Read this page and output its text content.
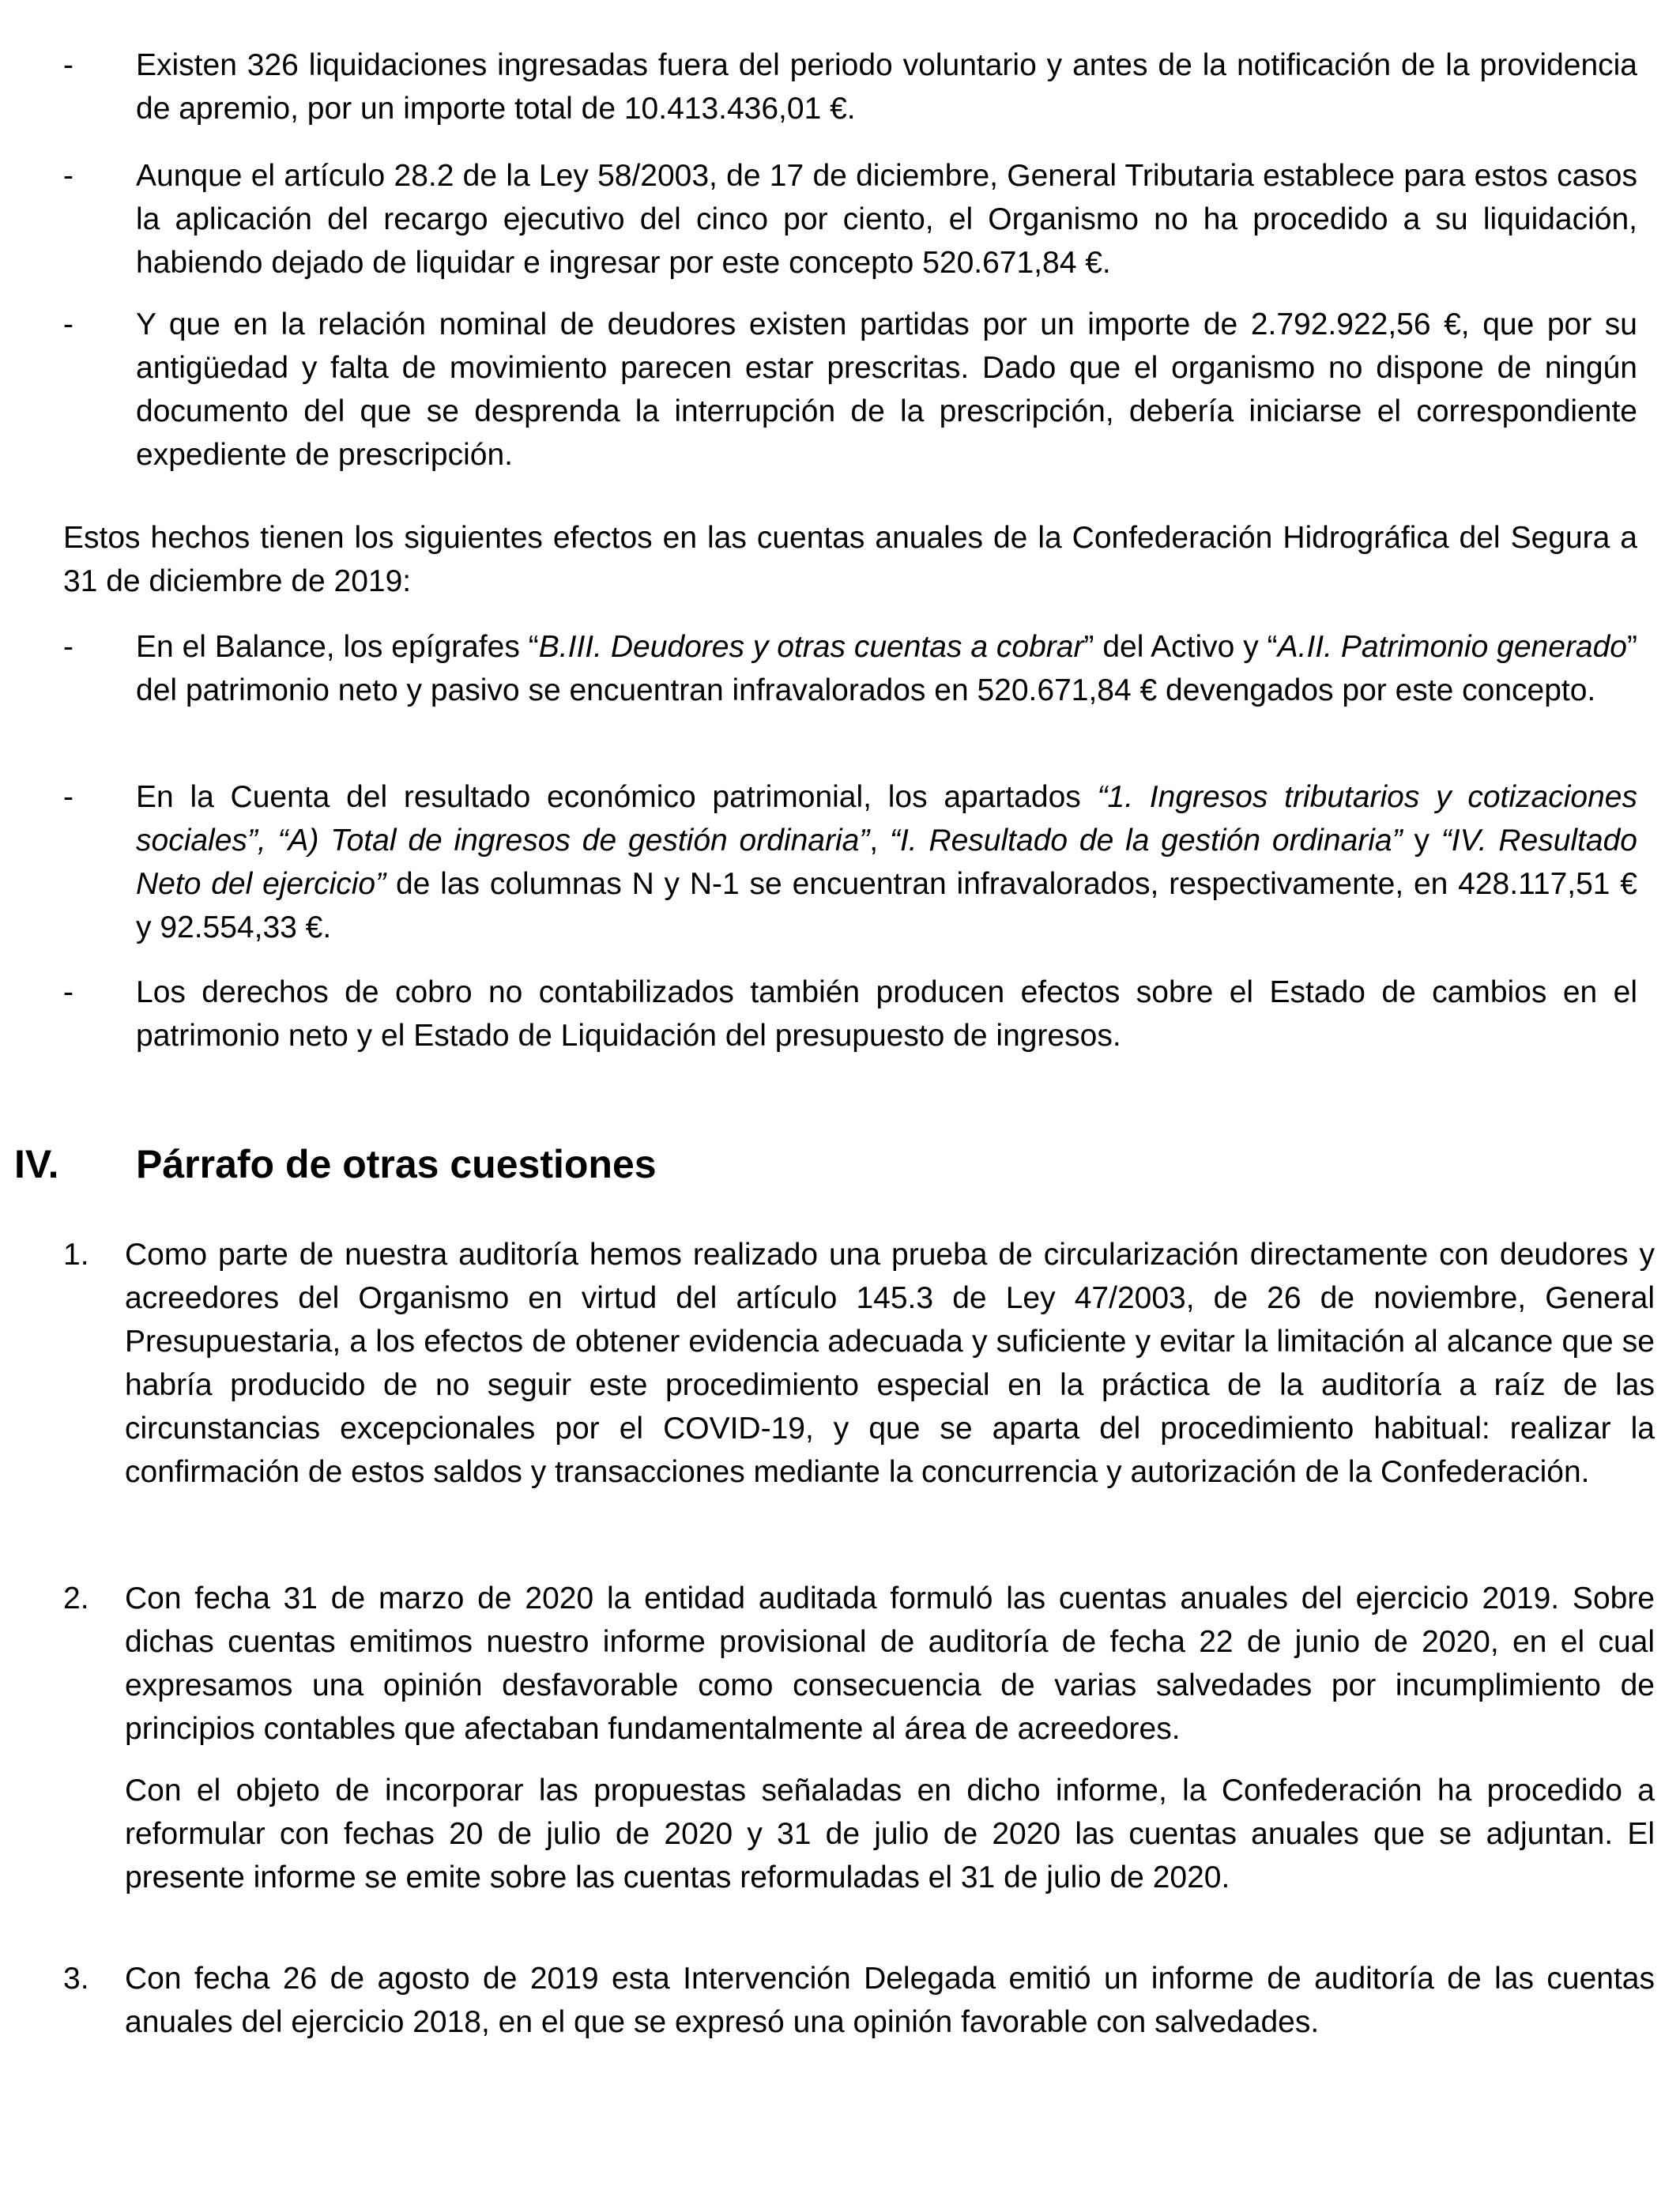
- Existen 326 liquidaciones ingresadas fuera del periodo voluntario y antes de la notificación de la providencia de apremio, por un importe total de 10.413.436,01 €.
- Aunque el artículo 28.2 de la Ley 58/2003, de 17 de diciembre, General Tributaria establece para estos casos la aplicación del recargo ejecutivo del cinco por ciento, el Organismo no ha procedido a su liquidación, habiendo dejado de liquidar e ingresar por este concepto 520.671,84 €.
- Y que en la relación nominal de deudores existen partidas por un importe de 2.792.922,56 €, que por su antigüedad y falta de movimiento parecen estar prescritas. Dado que el organismo no dispone de ningún documento del que se desprenda la interrupción de la prescripción, debería iniciarse el correspondiente expediente de prescripción.
Estos hechos tienen los siguientes efectos en las cuentas anuales de la Confederación Hidrográfica del Segura a 31 de diciembre de 2019:
- En el Balance, los epígrafes “B.III. Deudores y otras cuentas a cobrar” del Activo y “A.II. Patrimonio generado” del patrimonio neto y pasivo se encuentran infravalorados en 520.671,84 € devengados por este concepto.
- En la Cuenta del resultado económico patrimonial, los apartados “1. Ingresos tributarios y cotizaciones sociales”, “A) Total de ingresos de gestión ordinaria”, “I. Resultado de la gestión ordinaria” y “IV. Resultado Neto del ejercicio” de las columnas N y N-1 se encuentran infravalorados, respectivamente, en 428.117,51 € y 92.554,33 €.
- Los derechos de cobro no contabilizados también producen efectos sobre el Estado de cambios en el patrimonio neto y el Estado de Liquidación del presupuesto de ingresos.
IV. Párrafo de otras cuestiones
1. Como parte de nuestra auditoría hemos realizado una prueba de circularización directamente con deudores y acreedores del Organismo en virtud del artículo 145.3 de Ley 47/2003, de 26 de noviembre, General Presupuestaria, a los efectos de obtener evidencia adecuada y suficiente y evitar la limitación al alcance que se habría producido de no seguir este procedimiento especial en la práctica de la auditoría a raíz de las circunstancias excepcionales por el COVID-19, y que se aparta del procedimiento habitual: realizar la confirmación de estos saldos y transacciones mediante la concurrencia y autorización de la Confederación.
2. Con fecha 31 de marzo de 2020 la entidad auditada formuló las cuentas anuales del ejercicio 2019. Sobre dichas cuentas emitimos nuestro informe provisional de auditoría de fecha 22 de junio de 2020, en el cual expresamos una opinión desfavorable como consecuencia de varias salvedades por incumplimiento de principios contables que afectaban fundamentalmente al área de acreedores.
Con el objeto de incorporar las propuestas señaladas en dicho informe, la Confederación ha procedido a reformular con fechas 20 de julio de 2020 y 31 de julio de 2020 las cuentas anuales que se adjuntan. El presente informe se emite sobre las cuentas reformuladas el 31 de julio de 2020.
3. Con fecha 26 de agosto de 2019 esta Intervención Delegada emitió un informe de auditoría de las cuentas anuales del ejercicio 2018, en el que se expresó una opinión favorable con salvedades.
